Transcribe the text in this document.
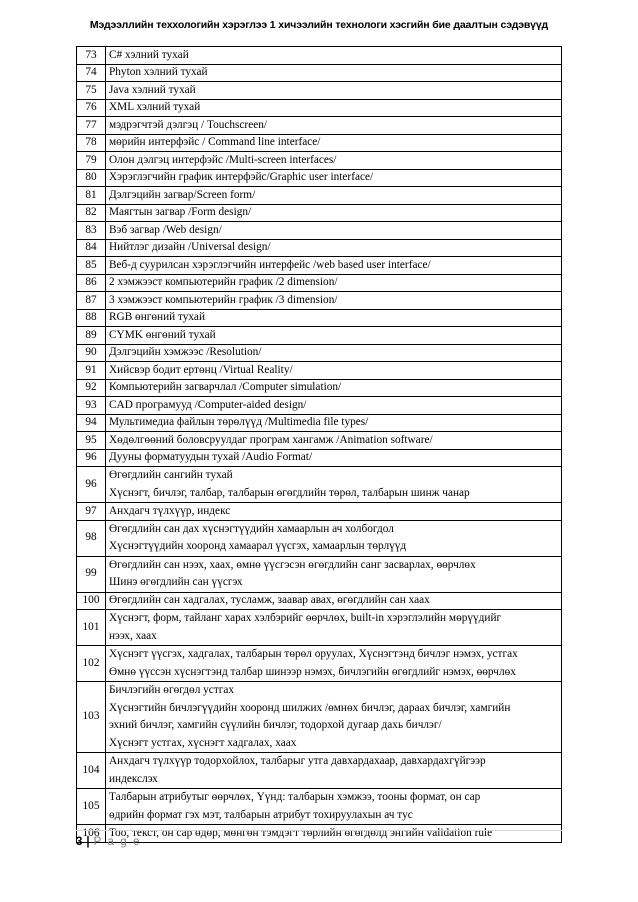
Мэдээллийн теххологийн хэрэглээ 1 хичээлийн технологи хэсгийн бие даалтын сэдэвүүд
73	C# хэлний тухай
74	Phyton хэлний тухай
75	Java хэлний тухай
76	XML хэлний тухай
77	мэдрэгчтэй дэлгэц / Touchscreen/
78	мөрийн интерфэйс / Command line interface/
79	Олон дэлгэц интерфэйс /Multi-screen interfaces/
80	Хэрэглэгчийн график интерфэйс/Graphic user interface/
81	Дэлгэцийн загвар/Screen form/
82	Маягтын загвар /Form design/
83	Вэб загвар /Web design/
84	Нийтлэг дизайн /Universal design/
85	Веб-д суурилсан хэрэглэгчийн интерфейс /web based user interface/
86	2 хэмжээст компьютерийн график /2 dimension/
87	3 хэмжээст компьютерийн график /3 dimension/
88	RGB өнгөний тухай
89	CYMK өнгөний тухай
90	Дэлгэцийн хэмжээс /Resolution/
91	Хийсвэр бодит ертөнц /Virtual Reality/
92	Компьютерийн загварчлал /Computer simulation/
93	CAD програмууд /Computer-aided design/
94	Мультимедиа файлын төрөлүүд /Multimedia file types/
95	Хөдөлгөөний боловсруулдаг програм хангамж /Animation software/
96	Дууны форматуудын тухай /Audio Format/
96	Өгөгдлийн сангийн тухай
Хүснэгт, бичлэг, талбар, талбарын өгөгдлийн төрөл, талбарын шинж чанар

97	Анхдагч түлхүүр, индекс
98	Өгөгдлийн сан дах хүснэгтүүдийн хамаарлын ач холбогдол
Хүснэгтүүдийн хооронд хамаарал үүсгэх, хамаарлын төрлүүд

99	Өгөгдлийн сан нээх, хаах, өмнө үүсгэсэн өгөгдлийн санг засварлах, өөрчлөх
Шинэ өгөгдлийн сан үүсгэх

100	Өгөгдлийн сан хадгалах, тусламж, заавар авах, өгөгдлийн сан хаах
101	Хүснэгт, форм, тайланг харах хэлбэрийг өөрчлөх, built-in хэрэглэлийн мөрүүдийг
нээх, хаах

102	Хүснэгт үүсгэх, хадгалах, талбарын төрөл оруулах, Хүснэгтэнд бичлэг нэмэх, устгах
Өмнө үүссэн хүснэгтэнд талбар шинээр нэмэх, бичлэгийн өгөгдлийг нэмэх, өөрчлөх

103	Бичлэгийн өгөгдөл устгах
Хүснэгтийн бичлэгүүдийн хооронд шилжих /өмнөх бичлэг, дараах бичлэг, хамгийн
эхний бичлэг, хамгийн сүүлийн бичлэг, тодорхой дугаар дахь бичлэг/
Хүснэгт устгах, хүснэгт хадгалах, хаах

104	Анхдагч түлхүүр тодорхойлох, талбарыг утга давхардахаар, давхардахгүйгээр
индекслэх

105	Талбарын атрибутыг өөрчлөх, Үүнд: талбарын хэмжээ, тооны формат, он сар
өдрийн формат гэх мэт, талбарын атрибут тохируулахын ач тус

106	Тоо, текст, он сар өдөр, мөнгөн тэмдэгт төрлийн өгөгдөлд энгийн validation rule
3 | P a g e
